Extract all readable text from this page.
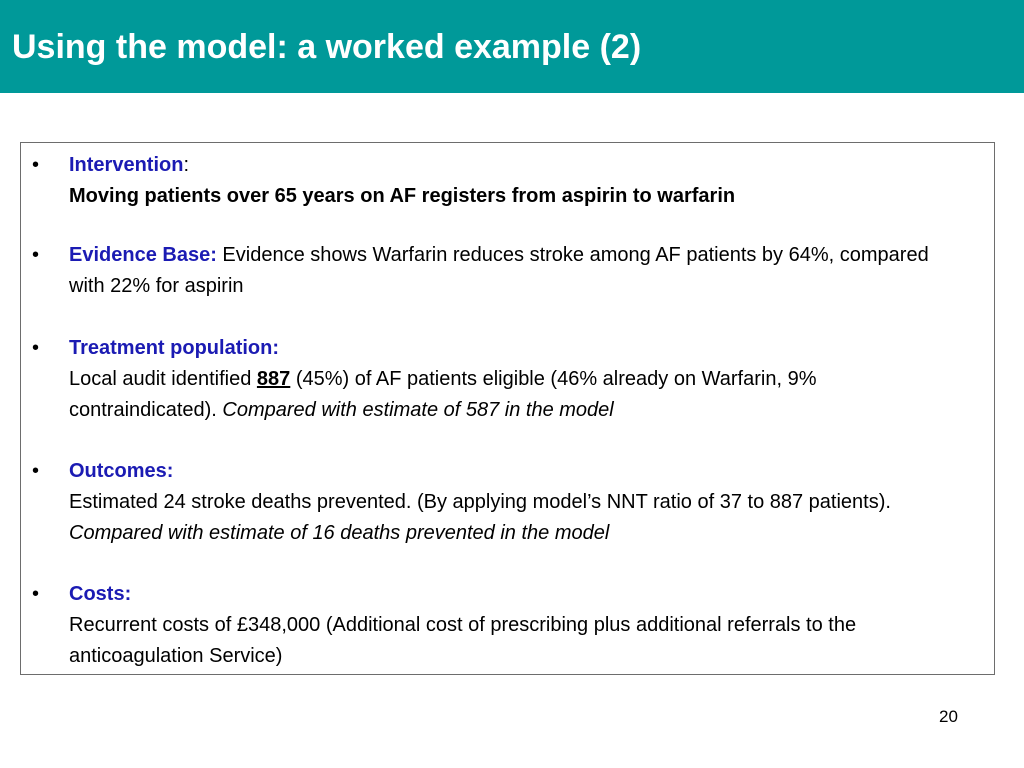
Using the model: a worked example (2)
• Intervention:
Moving patients over 65 years on AF registers from aspirin to warfarin
• Evidence Base: Evidence shows Warfarin reduces stroke among AF patients by 64%, compared with 22% for aspirin
• Treatment population:
Local audit identified 887 (45%) of AF patients eligible (46% already on Warfarin, 9% contraindicated). Compared with estimate of 587 in the model
• Outcomes:
Estimated 24 stroke deaths prevented. (By applying model’s NNT ratio of 37 to 887 patients). Compared with estimate of 16 deaths prevented in the model
• Costs:
Recurrent costs of £348,000 (Additional cost of prescribing plus additional referrals to the anticoagulation Service)
20
